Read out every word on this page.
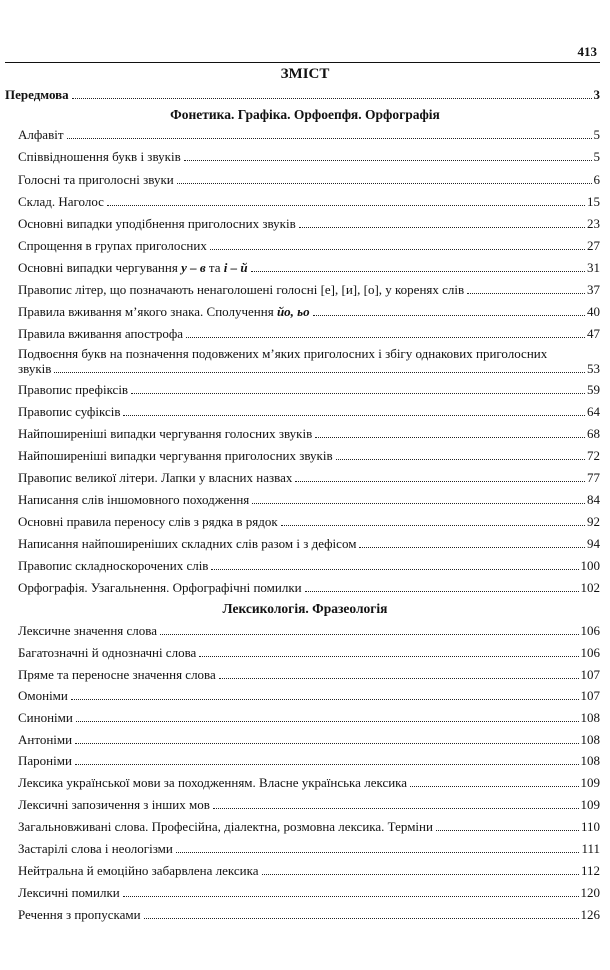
413
ЗМІСТ
Передмова	3
Фонетика. Графіка. Орфоепфя. Орфографія
Алфавіт	5
Співвідношення букв і звуків	5
Голосні та приголосні звуки	6
Склад. Наголос	15
Основні випадки уподібнення приголосних звуків	23
Спрощення в групах приголосних	27
Основні випадки чергування у – в та і – й	31
Правопис літер, що позначають ненаголошені голосні [е], [и], [о], у коренях слів	37
Правила вживання м’якого знака. Сполучення йо, ьо	40
Правила вживання апострофа	47
Подвоєння букв на позначення подовжених м’яких приголосних і збігу однакових приголосних
звуків	53
Правопис префіксів	59
Правопис суфіксів	64
Найпоширеніші випадки чергування голосних звуків	68
Найпоширеніші випадки чергування приголосних звуків	72
Правопис великої літери. Лапки у власних назвах	77
Написання слів іншомовного походження	84
Основні правила переносу слів з рядка в рядок	92
Написання найпоширеніших складних слів разом і з дефісом	94
Правопис складноскорочених слів	100
Орфографія. Узагальнення. Орфографічні помилки	102
Лексикологія. Фразеологія
Лексичне значення слова	106
Багатозначні й однозначні слова	106
Пряме та переносне значення слова	107
Омоніми	107
Синоніми	108
Антоніми	108
Пароніми	108
Лексика української мови за походженням. Власне українська лексика	109
Лексичні запозичення з інших мов	109
Загальновживані слова. Професійна, діалектна, розмовна лексика. Терміни	110
Застарілі слова і неологізми	111
Нейтральна й емоційно забарвлена лексика	112
Лексичні помилки	120
Речення з пропусками	126
